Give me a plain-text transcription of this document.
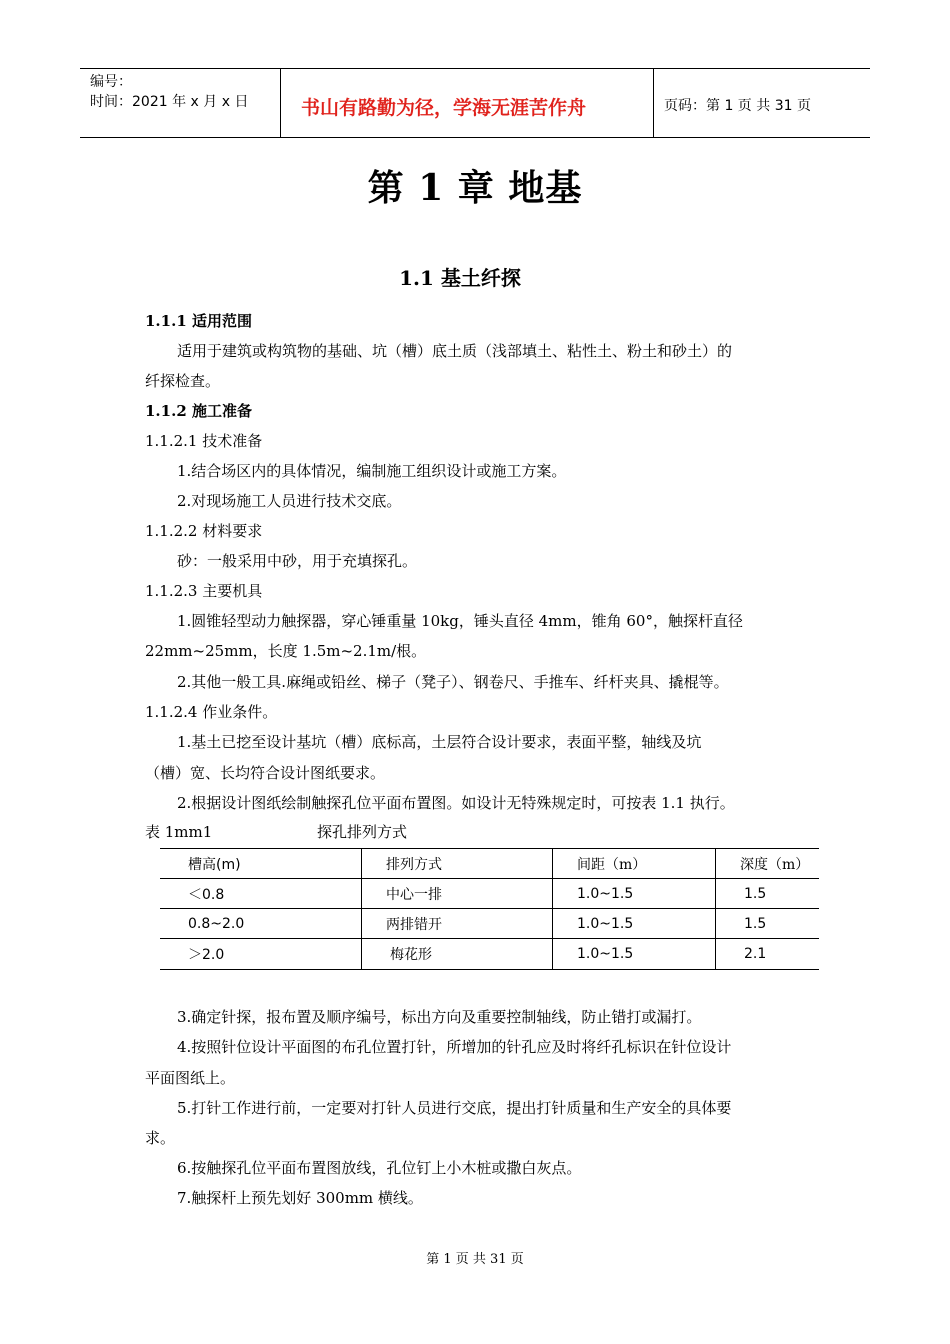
编号：
时间：2021 年 x 月 x 日	书山有路勤为径，学海无涯苦作舟	页码：第 1 页 共 31 页
第 1 章 地基
1.1 基土纤探
1.1.1 适用范围
适用于建筑或构筑物的基础、坑（槽）底土质（浅部填土、粘性土、粉土和砂土）的
纤探检查。
1.1.2 施工准备
1.1.2.1 技术准备
1.结合场区内的具体情况，编制施工组织设计或施工方案。
2.对现场施工人员进行技术交底。
1.1.2.2 材料要求
砂：一般采用中砂，用于充填探孔。
1.1.2.3 主要机具
1.圆锥轻型动力触探器，穿心锤重量 10kg，锤头直径 4mm，锥角 60°，触探杆直径
22mm~25mm，长度 1.5m~2.1m/根。
2.其他一般工具.麻绳或铅丝、梯子（凳子）、钢卷尺、手推车、纤杆夹具、撬棍等。
1.1.2.4 作业条件。
1.基土已挖至设计基坑（槽）底标高，土层符合设计要求，表面平整，轴线及坑
（槽）宽、长均符合设计图纸要求。
2.根据设计图纸绘制触探孔位平面布置图。如设计无特殊规定时，可按表 1.1 执行。
表 1mm1	探孔排列方式
槽高(m)	排列方式	间距（m）	深度（m）
＜0.8	中心一排	1.0~1.5	1.5
0.8~2.0	两排错开	1.0~1.5	1.5
＞2.0	梅花形	1.0~1.5	2.1
3.确定针探，报布置及顺序编号，标出方向及重要控制轴线，防止错打或漏打。
4.按照针位设计平面图的布孔位置打针，所增加的针孔应及时将纤孔标识在针位设计
平面图纸上。
5.打针工作进行前，一定要对打针人员进行交底，提出打针质量和生产安全的具体要
求。
6.按触探孔位平面布置图放线，孔位钉上小木桩或撒白灰点。
7.触探杆上预先划好 300mm 横线。
第 1 页 共 31 页
